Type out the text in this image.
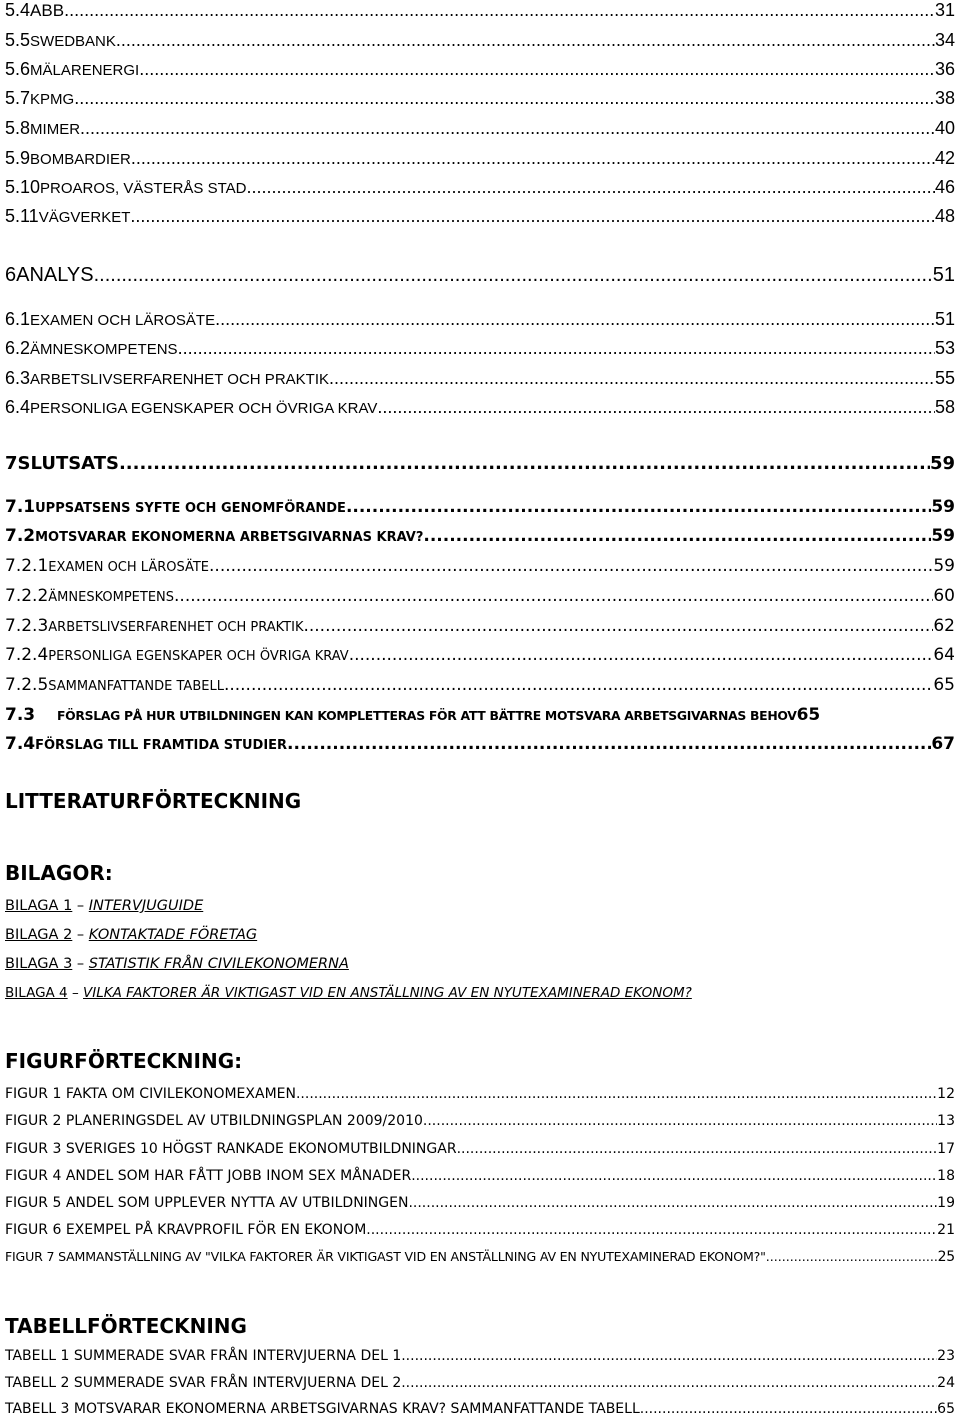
5.4 ABB .....	31
5.5 SWEDBANK .....	34
5.6 MÄLARENERGI .....	36
5.7 KPMG .....	38
5.8 MIMER .....	40
5.9 BOMBARDIER .....	42
5.10 PROAROS, VÄSTERÅS STAD .....	46
5.11 VÄGVERKET .....	48
6 ANALYS .....	51
6.1 EXAMEN OCH LÄROSÄTE .....	51
6.2 ÄMNESKOMPETENS .....	53
6.3 ARBETSLIVSERFARENHET OCH PRAKTIK .....	55
6.4 PERSONLIGA EGENSKAPER OCH ÖVRIGA KRAV .....	58
7 SLUTSATS .....	59
7.1 UPPSATSENS SYFTE OCH GENOMFÖRANDE .....	59
7.2 MOTSVARAR EKONOMERNA ARBETSGIVARNAS KRAV? .....	59
7.2.1 EXAMEN OCH LÄROSÄTE .....	59
7.2.2 ÄMNESKOMPETENS .....	60
7.2.3 ARBETSLIVSERFARENHET OCH PRAKTIK .....	62
7.2.4 PERSONLIGA EGENSKAPER OCH ÖVRIGA KRAV .....	64
7.2.5 SAMMANFATTANDE TABELL .....	65
7.3	FÖRSLAG PÅ HUR UTBILDNINGEN KAN KOMPLETTERAS FÖR ATT BÄTTRE MOTSVARA ARBETSGIVARNAS BEHOV 65
7.4 FÖRSLAG TILL FRAMTIDA STUDIER .....	67
LITTERATURFÖRTECKNING
BILAGOR:
BILAGA 1 – INTERVJUGUIDE
BILAGA 2 – KONTAKTADE FÖRETAG
BILAGA 3 – STATISTIK FRÅN CIVILEKONOMERNA
BILAGA 4 – VILKA FAKTORER ÄR VIKTIGAST VID EN ANSTÄLLNING AV EN NYUTEXAMINERAD EKONOM?
FIGURFÖRTECKNING:
FIGUR 1 FAKTA OM CIVILEKONOMEXAMEN .....	12
FIGUR 2 PLANERINGSDEL AV UTBILDNINGSPLAN 2009/2010 .....	13
FIGUR 3 SVERIGES 10 HÖGST RANKADE EKONOMUTBILDNINGAR .....	17
FIGUR 4 ANDEL SOM HAR FÅTT JOBB INOM SEX MÅNADER .....	18
FIGUR 5 ANDEL SOM UPPLEVER NYTTA AV UTBILDNINGEN .....	19
FIGUR 6 EXEMPEL PÅ KRAVPROFIL FÖR EN EKONOM .....	21
FIGUR 7 SAMMANSTÄLLNING AV "VILKA FAKTORER ÄR VIKTIGAST VID EN ANSTÄLLNING AV EN NYUTEXAMINERAD EKONOM?" .....	25
TABELLFÖRTECKNING
TABELL 1 SUMMERADE SVAR FRÅN INTERVJUERNA DEL 1 .....	23
TABELL 2 SUMMERADE SVAR FRÅN INTERVJUERNA DEL 2 .....	24
TABELL 3 MOTSVARAR EKONOMERNA ARBETSGIVARNAS KRAV? SAMMANFATTANDE TABELL .....	65
